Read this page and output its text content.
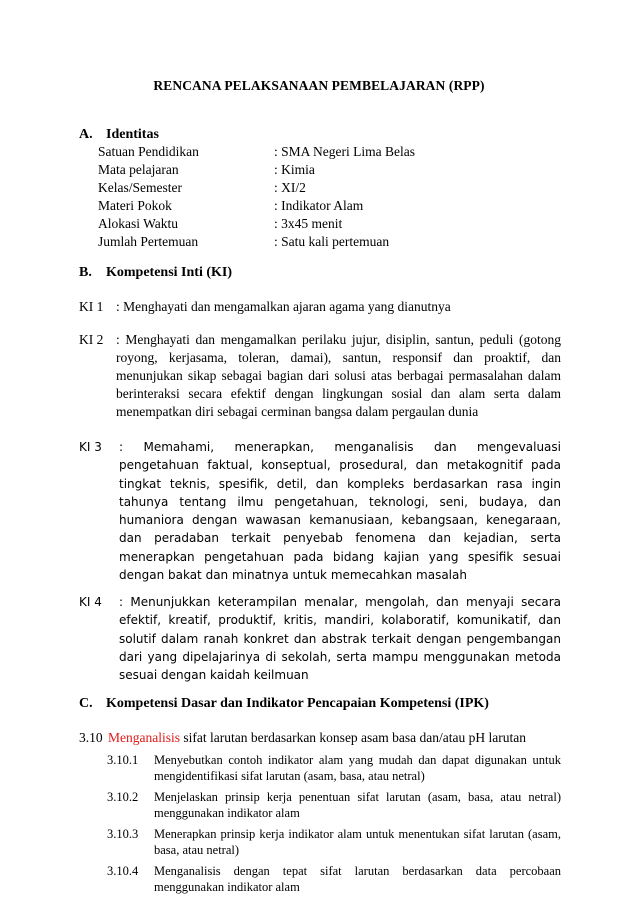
RENCANA PELAKSANAAN PEMBELAJARAN (RPP)
A. Identitas
Satuan Pendidikan	: SMA Negeri Lima Belas
Mata pelajaran	: Kimia
Kelas/Semester	: XI/2
Materi Pokok	: Indikator Alam
Alokasi Waktu	: 3x45 menit
Jumlah Pertemuan	: Satu kali pertemuan
B. Kompetensi Inti (KI)
KI 1 : Menghayati dan mengamalkan ajaran agama yang dianutnya
KI 2 : Menghayati dan mengamalkan perilaku jujur, disiplin, santun, peduli (gotong royong, kerjasama, toleran, damai), santun, responsif dan proaktif, dan menunjukan sikap sebagai bagian dari solusi atas berbagai permasalahan dalam berinteraksi secara efektif dengan lingkungan sosial dan alam serta dalam menempatkan diri sebagai cerminan bangsa dalam pergaulan dunia
KI 3 : Memahami, menerapkan, menganalisis dan mengevaluasi pengetahuan faktual, konseptual, prosedural, dan metakognitif pada tingkat teknis, spesifik, detil, dan kompleks berdasarkan rasa ingin tahunya tentang ilmu pengetahuan, teknologi, seni, budaya, dan humaniora dengan wawasan kemanusiaan, kebangsaan, kenegaraan, dan peradaban terkait penyebab fenomena dan kejadian, serta menerapkan pengetahuan pada bidang kajian yang spesifik sesuai dengan bakat dan minatnya untuk memecahkan masalah
KI 4 : Menunjukkan keterampilan menalar, mengolah, dan menyaji secara efektif, kreatif, produktif, kritis, mandiri, kolaboratif, komunikatif, dan solutif dalam ranah konkret dan abstrak terkait dengan pengembangan dari yang dipelajarinya di sekolah, serta mampu menggunakan metoda sesuai dengan kaidah keilmuan
C. Kompetensi Dasar dan Indikator Pencapaian Kompetensi (IPK)
3.10 Menganalisis sifat larutan berdasarkan konsep asam basa dan/atau pH larutan
3.10.1 Menyebutkan contoh indikator alam yang mudah dan dapat digunakan untuk mengidentifikasi sifat larutan (asam, basa, atau netral)
3.10.2 Menjelaskan prinsip kerja penentuan sifat larutan (asam, basa, atau netral) menggunakan indikator alam
3.10.3 Menerapkan prinsip kerja indikator alam untuk menentukan sifat larutan (asam, basa, atau netral)
3.10.4 Menganalisis dengan tepat sifat larutan berdasarkan data percobaan menggunakan indikator alam
